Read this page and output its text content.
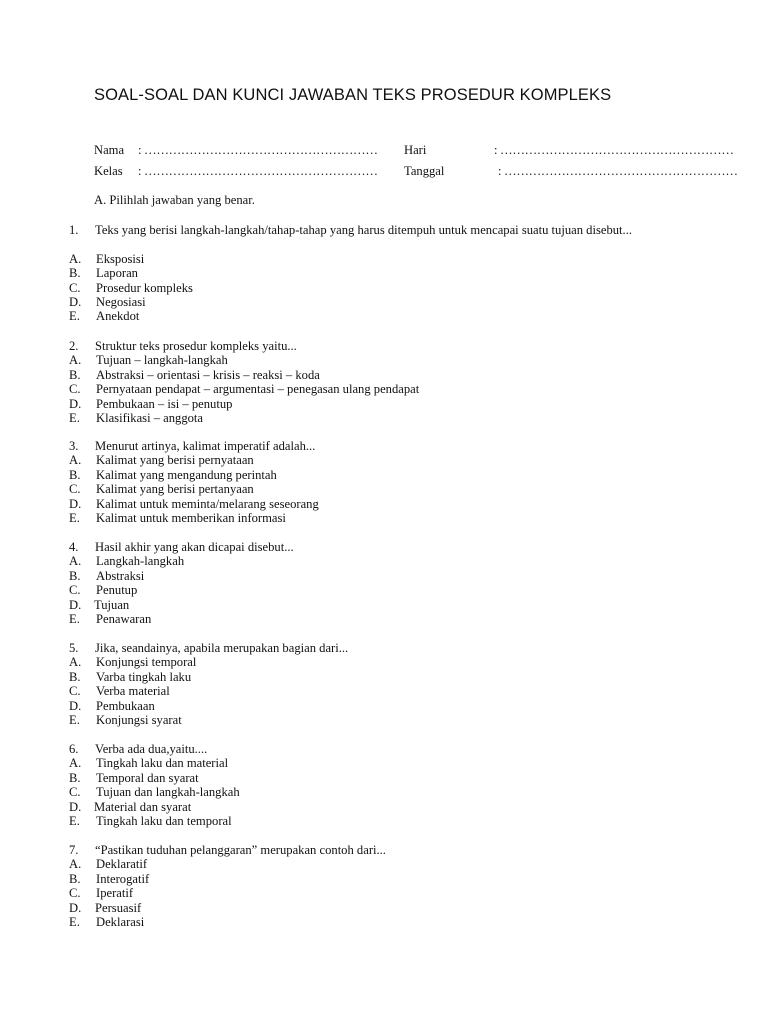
SOAL-SOAL DAN KUNCI JAWABAN TEKS PROSEDUR KOMPLEKS
Nama : …………………………………………………
Kelas : …………………………………………………
Hari	: …………………………………………………
Tanggal	: …………………………………………………
A. Pilihlah jawaban yang benar.
1. Teks yang berisi langkah-langkah/tahap-tahap yang harus ditempuh untuk mencapai suatu tujuan disebut...
A. Eksposisi
B. Laporan
C. Prosedur kompleks
D. Negosiasi
E. Anekdot
2. Struktur teks prosedur kompleks yaitu...
A. Tujuan – langkah-langkah
B. Abstraksi – orientasi – krisis – reaksi – koda
C. Pernyataan pendapat – argumentasi – penegasan ulang pendapat
D. Pembukaan – isi – penutup
E. Klasifikasi – anggota
3. Menurut artinya, kalimat imperatif adalah...
A. Kalimat yang berisi pernyataan
B. Kalimat yang mengandung perintah
C. Kalimat yang berisi pertanyaan
D. Kalimat untuk meminta/melarang seseorang
E. Kalimat untuk memberikan informasi
4. Hasil akhir yang akan dicapai disebut...
A. Langkah-langkah
B. Abstraksi
C. Penutup
D. Tujuan
E. Penawaran
5. Jika, seandainya, apabila merupakan bagian dari...
A. Konjungsi temporal
B. Varba tingkah laku
C. Verba material
D. Pembukaan
E. Konjungsi syarat
6. Verba ada dua,yaitu....
A. Tingkah laku dan material
B. Temporal dan syarat
C. Tujuan dan langkah-langkah
D. Material dan syarat
E. Tingkah laku dan temporal
7. “Pastikan tuduhan pelanggaran” merupakan contoh dari...
A. Deklaratif
B. Interogatif
C. Iperatif
D. Persuasif
E. Deklarasi
